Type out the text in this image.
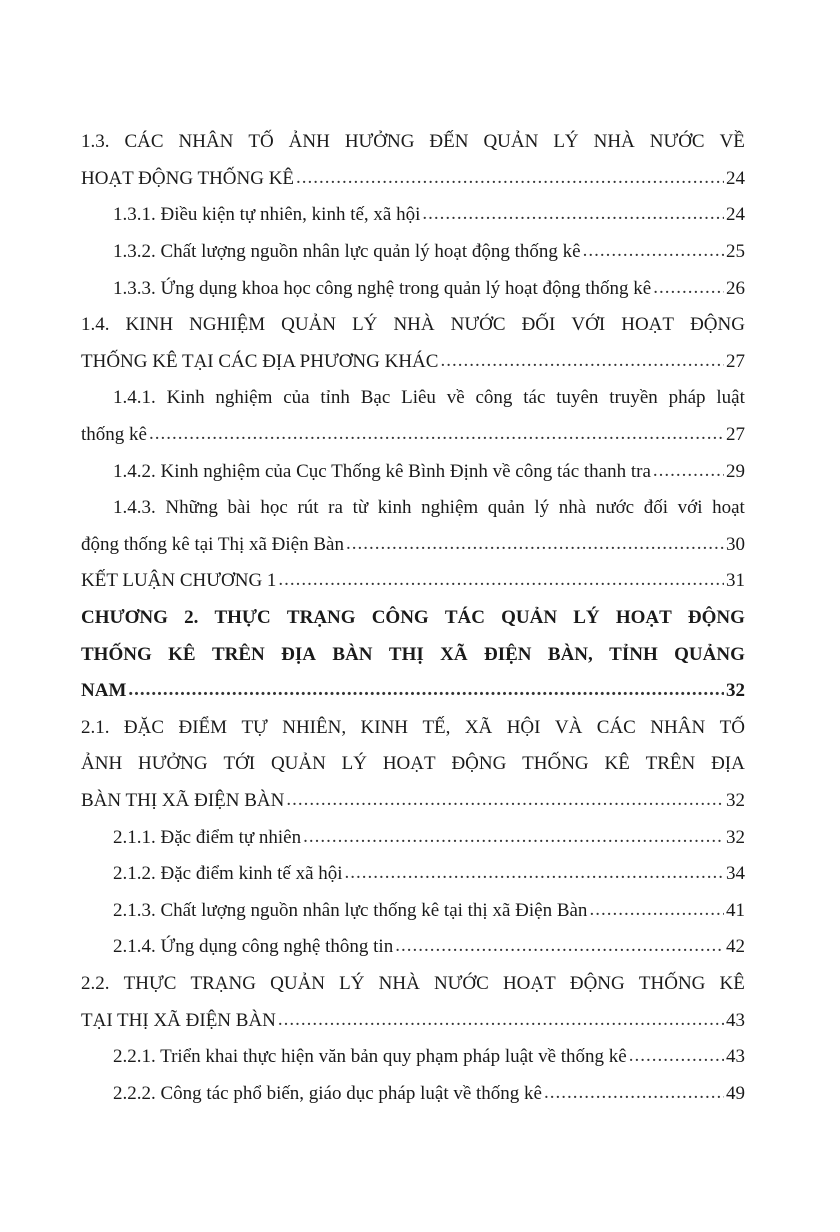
1.3. CÁC NHÂN TỐ ẢNH HƯỞNG ĐẾN QUẢN LÝ NHÀ NƯỚC VỀ
HOẠT ĐỘNG THỐNG KÊ .....	24
1.3.1. Điều kiện tự nhiên, kinh tế, xã hội .....	24
1.3.2. Chất lượng nguồn nhân lực quản lý hoạt động thống kê .....	25
1.3.3. Ứng dụng khoa học công nghệ trong quản lý hoạt động thống kê .....	26
1.4. KINH NGHIỆM QUẢN LÝ NHÀ NƯỚC ĐỐI VỚI HOẠT ĐỘNG
THỐNG KÊ TẠI CÁC ĐỊA PHƯƠNG KHÁC .....	27
1.4.1. Kinh nghiệm của tỉnh Bạc Liêu về công tác tuyên truyền pháp luật
thống kê .....	27
1.4.2. Kinh nghiệm của Cục Thống kê Bình Định về công tác thanh tra .....	29
1.4.3. Những bài học rút ra từ kinh nghiệm quản lý nhà nước đối với hoạt
động thống kê tại Thị xã Điện Bàn .....	30
KẾT LUẬN CHƯƠNG 1 .....	31
CHƯƠNG 2. THỰC TRẠNG CÔNG TÁC QUẢN LÝ HOẠT ĐỘNG
THỐNG KÊ TRÊN ĐỊA BÀN THỊ XÃ ĐIỆN BÀN, TỈNH QUẢNG
NAM .....	32
2.1. ĐẶC ĐIỂM TỰ NHIÊN, KINH TẾ, XÃ HỘI VÀ CÁC NHÂN TỐ
ẢNH HƯỞNG TỚI QUẢN LÝ HOẠT ĐỘNG THỐNG KÊ TRÊN ĐỊA
BÀN THỊ XÃ ĐIỆN BÀN .....	32
2.1.1. Đặc điểm tự nhiên .....	32
2.1.2. Đặc điểm kinh tế xã hội .....	34
2.1.3. Chất lượng nguồn nhân lực thống kê tại thị xã Điện Bàn .....	41
2.1.4. Ứng dụng công nghệ thông tin .....	42
2.2. THỰC TRẠNG QUẢN LÝ NHÀ NƯỚC HOẠT ĐỘNG THỐNG KÊ
TẠI THỊ XÃ ĐIỆN BÀN .....	43
2.2.1. Triển khai thực hiện văn bản quy phạm pháp luật về thống kê .....	43
2.2.2. Công tác phổ biến, giáo dục pháp luật về thống kê .....	49
